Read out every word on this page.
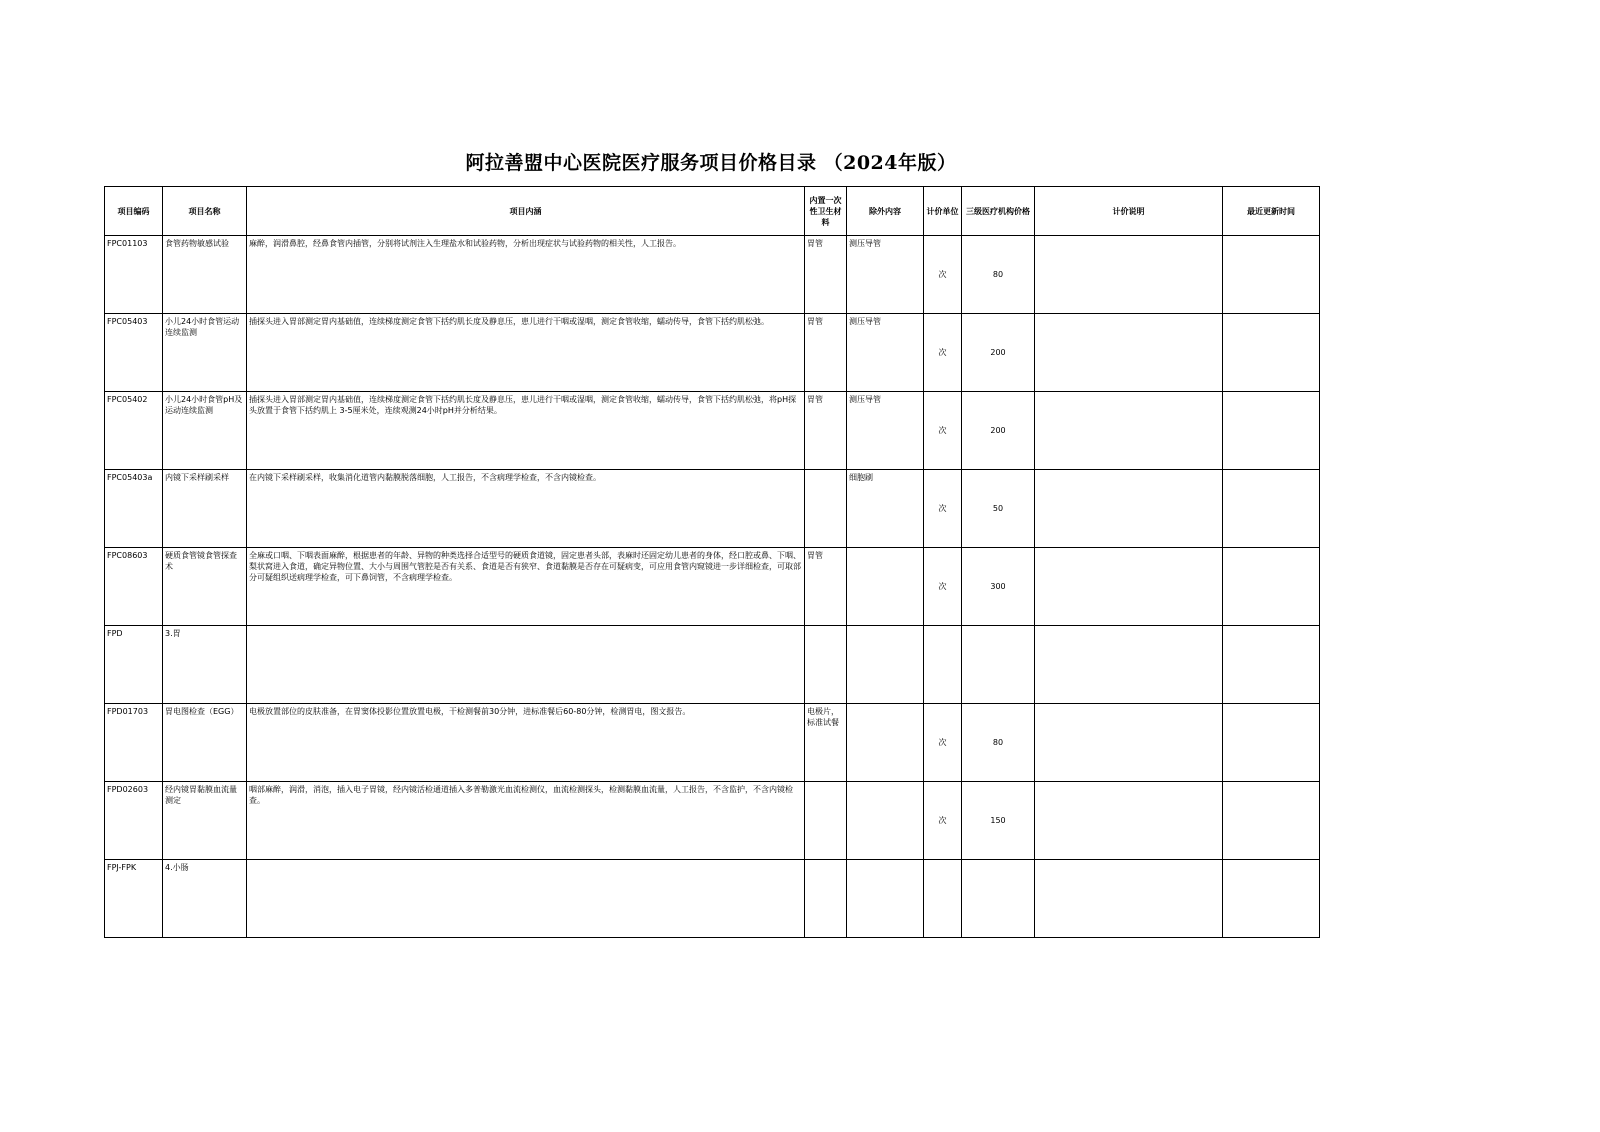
阿拉善盟中心医院医疗服务项目价格目录 （2024年版）
项目编码	项目名称	项目内涵	内置一次性卫生材料	除外内容	计价单位	三级医疗机构价格	计价说明	最近更新时间

FPC01103	食管药物敏感试验	麻醉，润滑鼻腔，经鼻食管内插管，分别将试剂注入生理盐水和试验药物，分析出现症状与试验药物的相关性，人工报告。	胃管	测压导管	次	80		

FPC05403	小儿24小时食管运动连续监测	插探头进入胃部测定胃内基础值，连续梯度测定食管下括约肌长度及静息压，患儿进行干咽或湿咽，测定食管收缩，蠕动传导，食管下括约肌松弛。	胃管	测压导管	次	200		

FPC05402	小儿24小时食管pH及运动连续监测	插探头进入胃部测定胃内基础值，连续梯度测定食管下括约肌长度及静息压，患儿进行干咽或湿咽，测定食管收缩，蠕动传导，食管下括约肌松弛，将pH探头放置于食管下括约肌上 3-5厘米处，连续观测24小时pH并分析结果。	胃管	测压导管	次	200		

FPC05403a	内镜下采样刷采样	在内镜下采样刷采样，收集消化道管内黏膜脱落细胞，人工报告，不含病理学检查，不含内镜检查。		细胞刷	次	50		

FPC08603	硬质食管镜食管探查术	全麻或口咽、下咽表面麻醉，根据患者的年龄、异物的种类选择合适型号的硬质食道镜，固定患者头部，表麻时还固定幼儿患者的身体，经口腔或鼻、下咽、梨状窝进入食道，确定异物位置、大小与周围气管腔是否有关系、食道是否有狭窄、食道黏膜是否存在可疑病变，可应用食管内窥镜进一步详细检查，可取部分可疑组织送病理学检查，可下鼻饲管，不含病理学检查。	胃管		次	300		

FPD	3.胃							

FPD01703	胃电图检查（EGG）	电极放置部位的皮肤准备，在胃窦体投影位置放置电极，干检测餐前30分钟，进标准餐后60-80分钟，检测胃电，图文报告。	电极片，标准试餐		次	80		

FPD02603	经内镜胃黏膜血流量测定	咽部麻醉，润滑，消泡，插入电子胃镜，经内镜活检通道插入多普勒激光血流检测仪，血流检测探头，检测黏膜血流量，人工报告，不含监护，不含内镜检查。			次	150		

FPJ-FPK	4.小肠							
